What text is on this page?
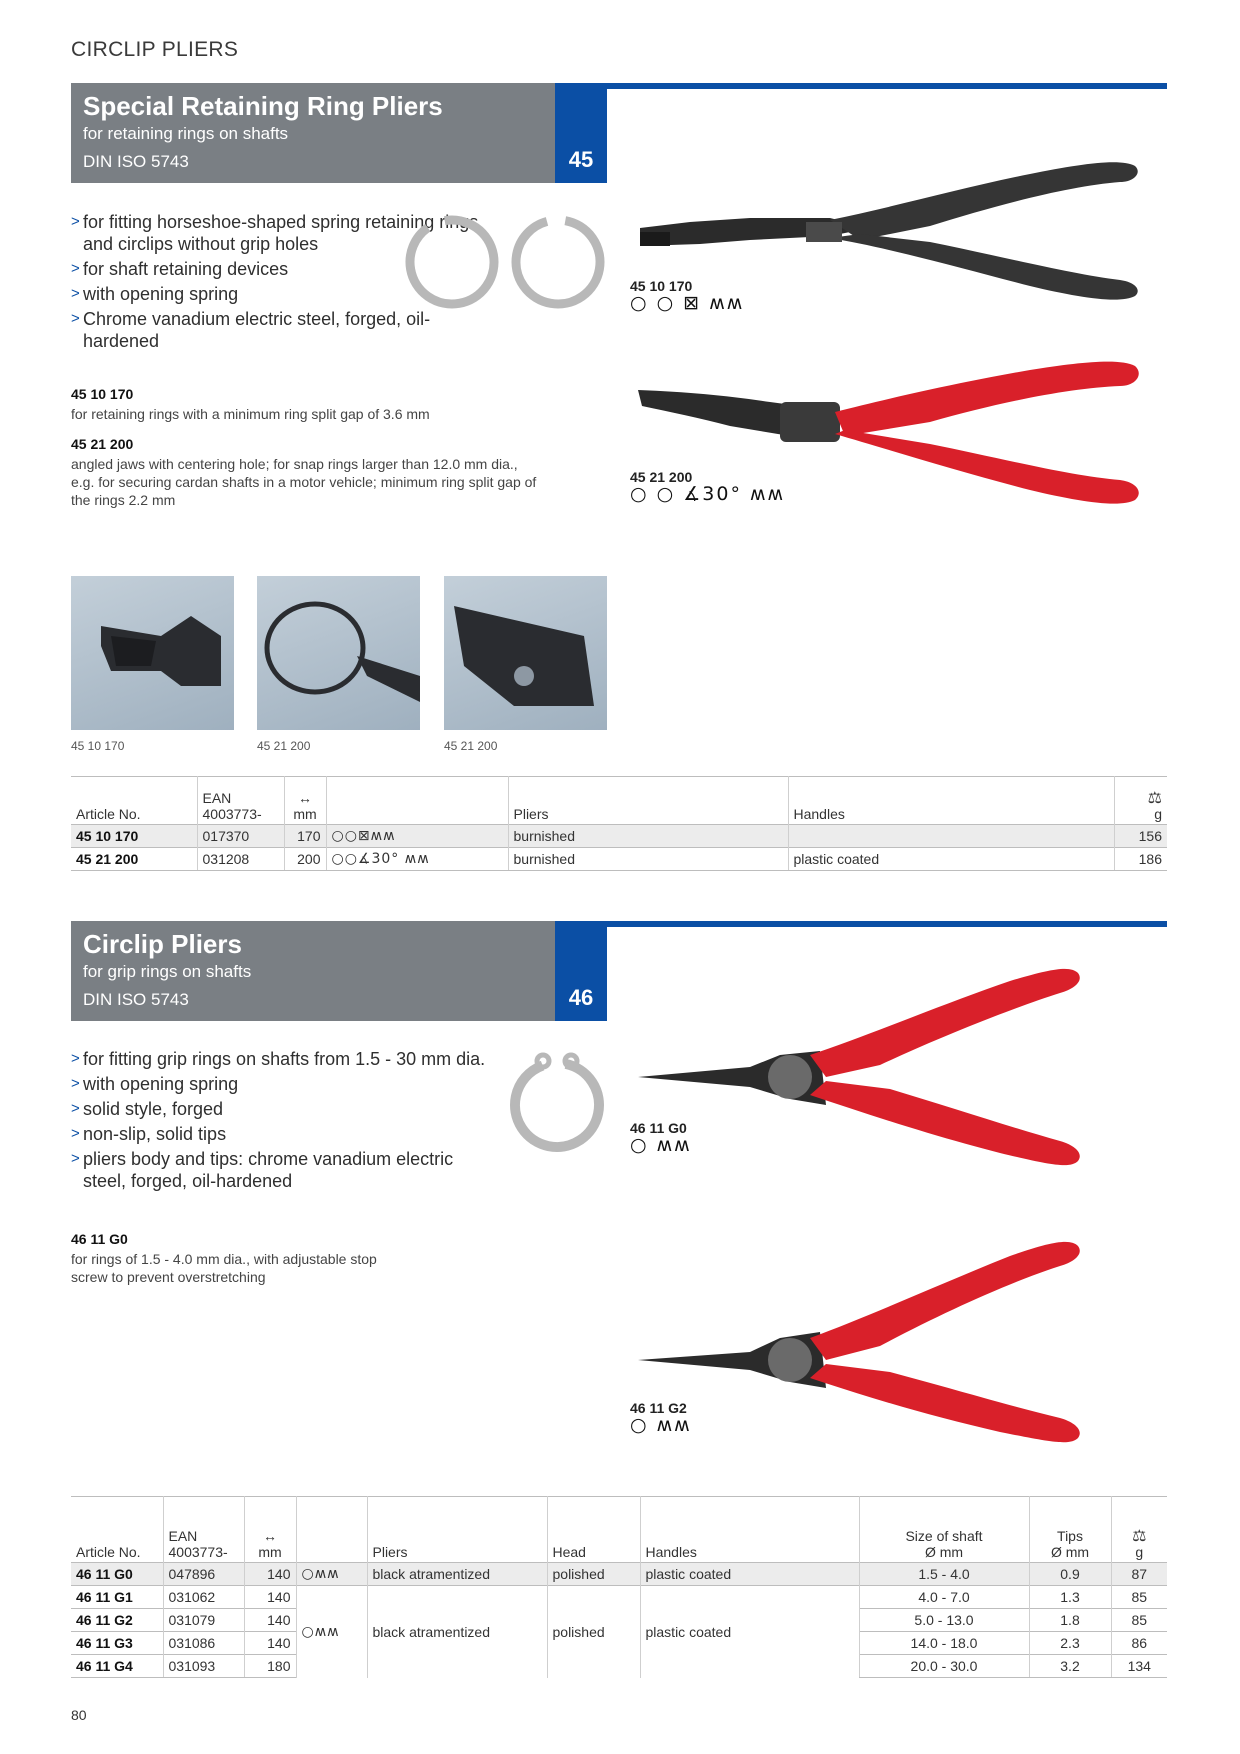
CIRCLIP PLIERS
Special Retaining Ring Pliers
for retaining rings on shafts
DIN ISO 5743	45
> for fitting horseshoe-shaped spring retaining rings and circlips without grip holes
> for shaft retaining devices
> with opening spring
> Chrome vanadium electric steel, forged, oil-hardened
45 10 170
for retaining rings with a minimum ring split gap of 3.6 mm
45 21 200
angled jaws with centering hole; for snap rings larger than 12.0 mm dia., e.g. for securing cardan shafts in a motor vehicle; minimum ring split gap of the rings 2.2 mm
45 10 170
○ ○ ⊠ ʍʍ
45 21 200
○ ○ ∡30° ʍʍ
45 10 170	45 21 200	45 21 200
Article No.	EAN
4003773-	↔
mm		Pliers	Handles	⚖
g
45 10 170	017370	170	○○⊠ʍʍ	burnished		156
45 21 200	031208	200	○○∡30° ʍʍ	burnished	plastic coated	186
Circlip Pliers
for grip rings on shafts
DIN ISO 5743	46
> for fitting grip rings on shafts from 1.5 - 30 mm dia.
> with opening spring
> solid style, forged
> non-slip, solid tips
> pliers body and tips: chrome vanadium electric steel, forged, oil-hardened
46 11 G0
for rings of 1.5 - 4.0 mm dia., with adjustable stop screw to prevent overstretching
46 11 G0
○ ʍʍ
46 11 G2
○ ʍʍ
Article No.	EAN
4003773-	↔
mm		Pliers	Head	Handles	Size of shaft
Ø mm	Tips
Ø mm	⚖
g
46 11 G0	047896	140	○ʍʍ	black atramentized	polished	plastic coated	1.5 - 4.0	0.9	87
46 11 G1	031062	140	○ʍʍ	black atramentized	polished	plastic coated	4.0 - 7.0	1.3	85
46 11 G2	031079	140					5.0 - 13.0	1.8	85
46 11 G3	031086	140					14.0 - 18.0	2.3	86
46 11 G4	031093	180					20.0 - 30.0	3.2	134
80
